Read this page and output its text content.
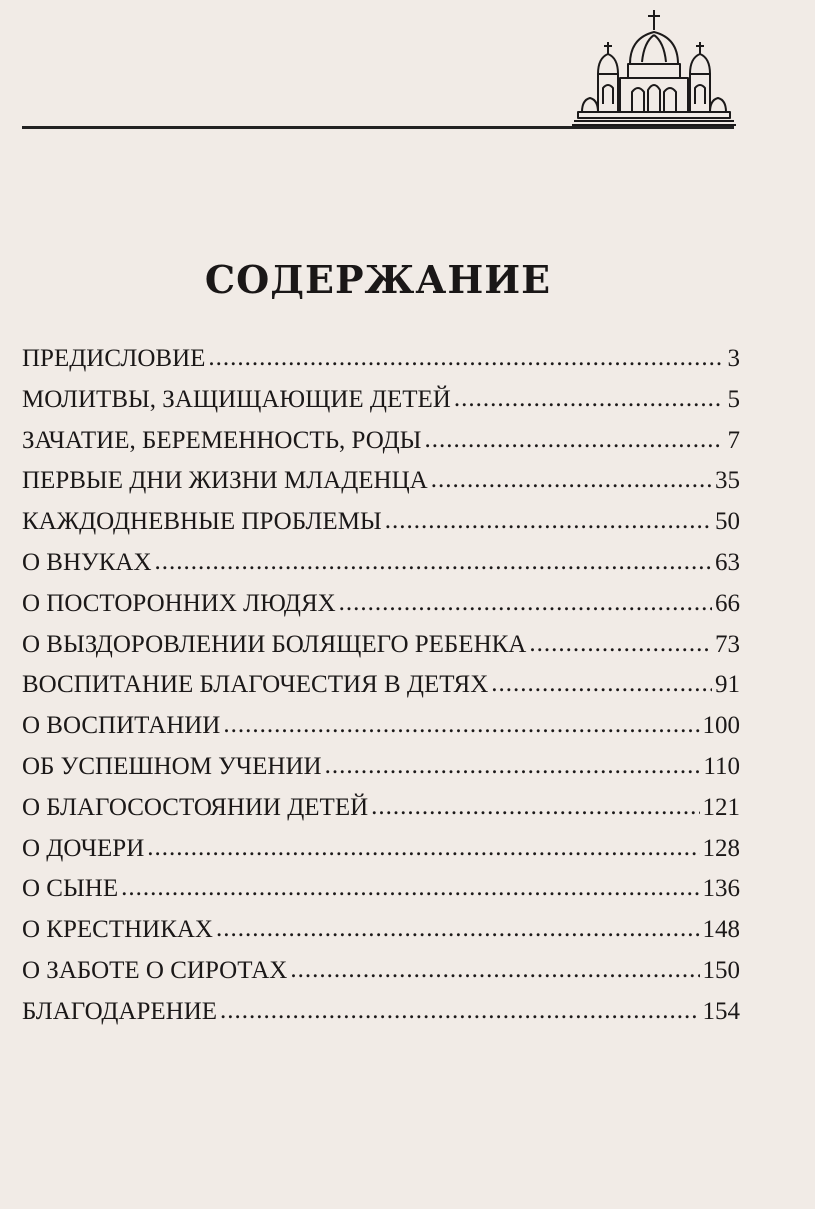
СОДЕРЖАНИЕ
ПРЕДИСЛОВИЕ .....	3
МОЛИТВЫ, ЗАЩИЩАЮЩИЕ ДЕТЕЙ .....	5
ЗАЧАТИЕ, БЕРЕМЕННОСТЬ, РОДЫ .....	7
ПЕРВЫЕ ДНИ ЖИЗНИ МЛАДЕНЦА .....	35
КАЖДОДНЕВНЫЕ ПРОБЛЕМЫ .....	50
О ВНУКАХ .....	63
О ПОСТОРОННИХ ЛЮДЯХ .....	66
О ВЫЗДОРОВЛЕНИИ БОЛЯЩЕГО РЕБЕНКА .....	73
ВОСПИТАНИЕ БЛАГОЧЕСТИЯ В ДЕТЯХ .....	91
О ВОСПИТАНИИ .....	100
ОБ УСПЕШНОМ УЧЕНИИ .....	110
О БЛАГОСОСТОЯНИИ ДЕТЕЙ .....	121
О ДОЧЕРИ .....	128
О СЫНЕ .....	136
О КРЕСТНИКАХ .....	148
О ЗАБОТЕ О СИРОТАХ .....	150
БЛАГОДАРЕНИЕ .....	154
